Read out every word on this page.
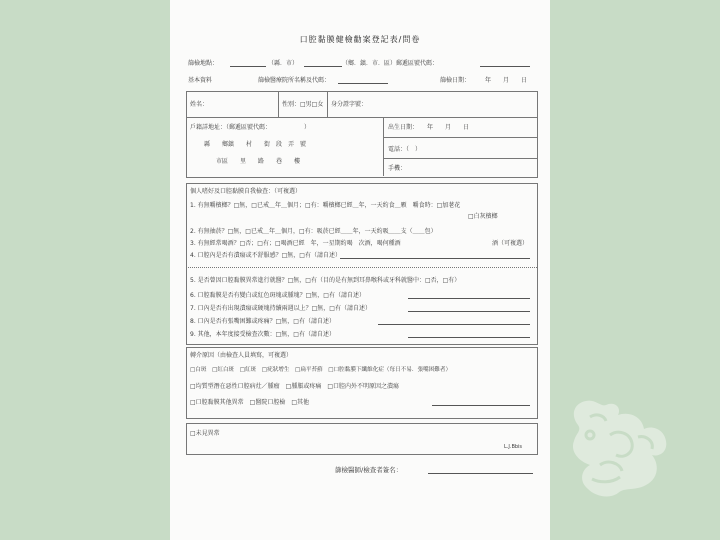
口腔黏膜健檢勸案登記表/問卷
篩檢地點：	（縣．市）	（鄉．鎮．市．區）郵遞區號代碼：
基本資料	篩檢醫療院所名稱及代碼：	篩檢日期：　　　年　　月　　日
姓名：	性別：□男□女 身分證字號：
戶籍詳地址：（郵遞區號代碼：　　　　　　）
縣　　鄉鎮　　村　　街　段　弄　號
　　市區　　里　　路　　巷　　樓
出生日期：　　年　　月　　日
電話：（　）
手機：
個人嗜好及口腔黏膜自我檢查：（可複選）
1. 有無嚼檳榔？□無，□已戒＿年＿個月；□有：嚼檳榔已經＿年，一天約食＿顆　嚼食時：□加荖花
□白灰檳榔
2. 有無抽菸？□無，□已戒＿年＿個月，□有：吸菸已經＿＿年，一天約吸＿＿支（＿＿包）
3. 有無經常喝酒？□否；□有；□喝酒已經　年，一星期約喝　次酒，喝何種酒	酒（可複選）
4. 口腔內是否有潰瘍或不舒服感？□無，□有（請自述）
5. 是否曾因口腔黏膜異常進行就醫？□無，□有（目的是有無到耳鼻喉科或牙科就醫中：□否，□有）
6. 口腔黏膜是否有變白或紅色斑塊或腫塊？□無，□有（請自述）
7. 口內是否有出現潰瘍或硬塊持續兩週以上？□無，□有（請自述）
8. 口內是否有張嘴困難或疼痛？□無，□有（請自述）
9. 其他，本年度接受檢查次數：□無，□有（請自述）
轉介原因（由檢查人員填寫，可複選）
□白斑　□紅白斑　□紅斑　□疣狀增生　□扁平苔蘚　□口腔黏膜下纖維化症（每日不易．張嘴困難者）
□均質型潛在惡性口腔病灶／腫瘤　□腫脹或疼痛　□口腔内外不明原因之潰瘍
□口腔黏膜其他異常　□醫院口腔檢　□其他
□未見異常
L.J.Bbis
篩檢醫師/檢查者簽名：
